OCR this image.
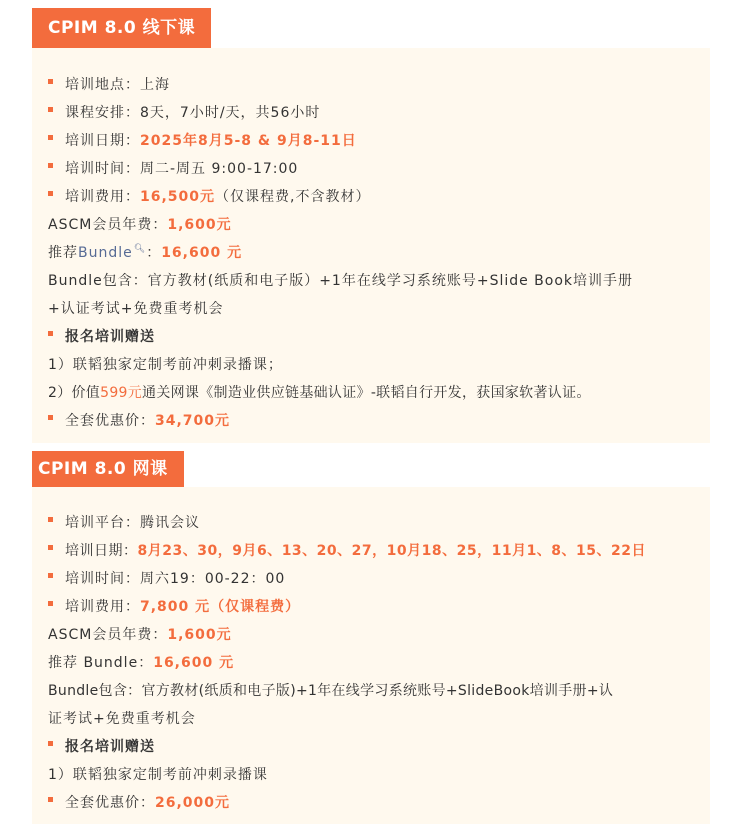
CPIM 8.0 线下课
培训地点：上海
课程安排：8天，7小时/天，共56小时
培训日期：2025年8月5-8 & 9月8-11日
培训时间：周二-周五 9:00-17:00
培训费用：16,500元（仅课程费,不含教材）
ASCM会员年费：1,600元
推荐Bundle🔍︎：16,600 元
Bundle包含：官方教材(纸质和电子版）+1年在线学习系统账号+Slide Book培训手册
+认证考试+免费重考机会
报名培训赠送
1）联韬独家定制考前冲刺录播课；
2）价值599元通关网课《制造业供应链基础认证》-联韬自行开发，获国家软著认证。
全套优惠价：34,700元
CPIM 8.0 网课
培训平台：腾讯会议
培训日期：8月23、30，9月6、13、20、27，10月18、25，11月1、8、15、22日
培训时间：周六19：00-22：00
培训费用：7,800 元（仅课程费）
ASCM会员年费：1,600元
推荐 Bundle：16,600 元
Bundle包含：官方教材(纸质和电子版)+1年在线学习系统账号+SlideBook培训手册+认
证考试+免费重考机会
报名培训赠送
1）联韬独家定制考前冲刺录播课
全套优惠价：26,000元
